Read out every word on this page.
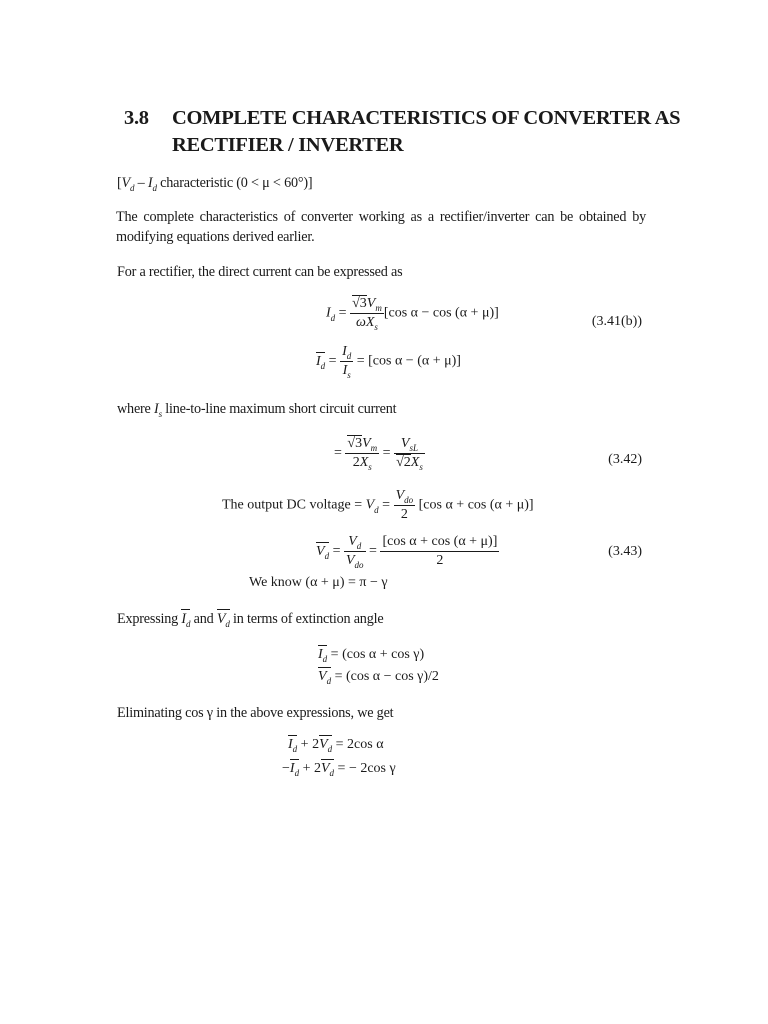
3.8 COMPLETE CHARACTERISTICS OF CONVERTER AS
RECTIFIER / INVERTER
[$V_d - I_d$ characteristic (0 < μ < 60°)]
The complete characteristics of converter working as a rectifier/inverter can be obtained by modifying equations derived earlier.
For a rectifier, the direct current can be expressed as
$I_d = \frac{√3V_m}{\omega X_s} [\cos$ α − cos (α + μ)]
(3.41(b))
$I_d = \frac{I_d}{I_s} = [\cos$ α − (α + μ)]
where $I_s$ line-to-line maximum short circuit current
= $\frac{√3V_m}{2X_s} = \frac{V_{sL}}{√2X_s}$	(3.42)
The output DC voltage = $V_d = \frac{V_{do}}{2} [\cos$ α + cos (α + μ)]
$V_d = \frac{V_d}{V_{do}} = \frac{\text{[cos α + cos (α + μ)]}}{2}$	(3.43)
We know (α + μ) = π − γ
Expressing $I_d$ and $V_d$ in terms of extinction angle
$I_d = (\cos$ α + cos γ)
$V_d = (\cos$ α − cos γ)/2
Eliminating cos γ in the above expressions, we get
$I_d + 2V_d = 2\cos$ α
$-I_d + 2V_d$ = − 2cos γ
